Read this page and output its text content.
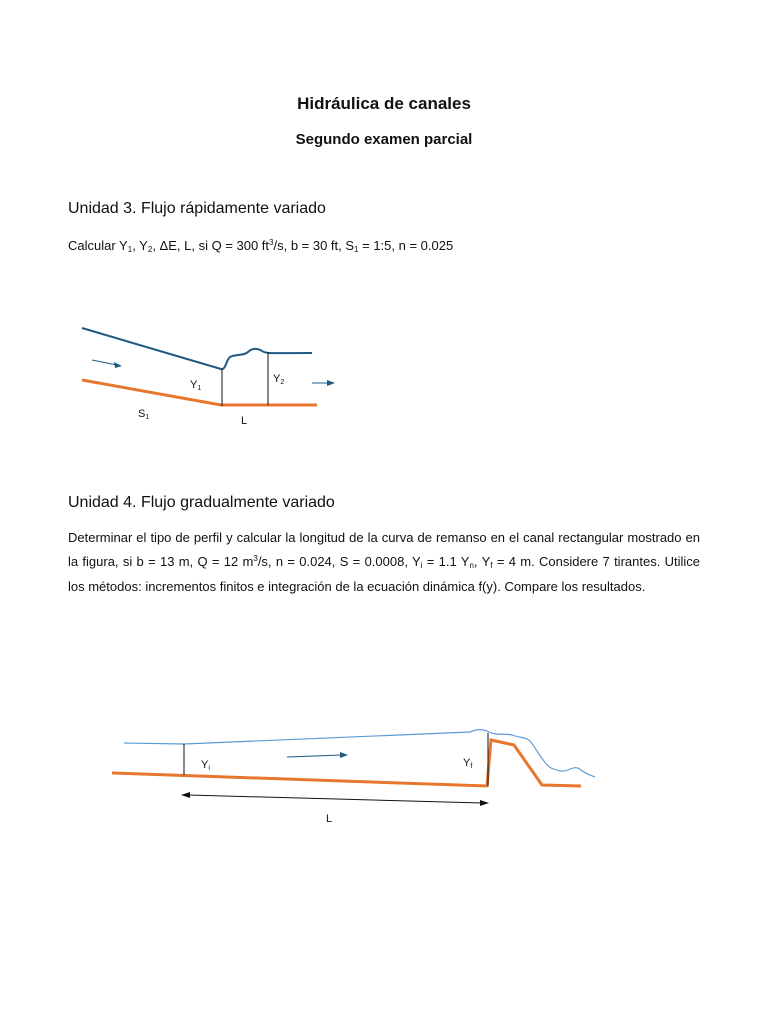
Hidráulica de canales
Segundo examen parcial
Unidad 3. Flujo rápidamente variado
Calcular $Y_1$, $Y_2$, ΔE, L, si Q = 300 $ft^3/s$, b = 30 ft, $S_1$ = 1:5, n = 0.025
Y1
Y2
S1	L
Unidad 4. Flujo gradualmente variado
Determinar el tipo de perfil y calcular la longitud de la curva de remanso en el canal rectangular mostrado en la figura, si b = 13 m, Q = 12 $m^3/s$, n = 0.024, S = 0.0008, $Y_i = 1.1$ $Y_n$, $Y_f = 4$ m. Considere 7 tirantes. Utilice los métodos: incrementos finitos e integración de la ecuación dinámica f(y). Compare los resultados.
Yi	Yf
L
